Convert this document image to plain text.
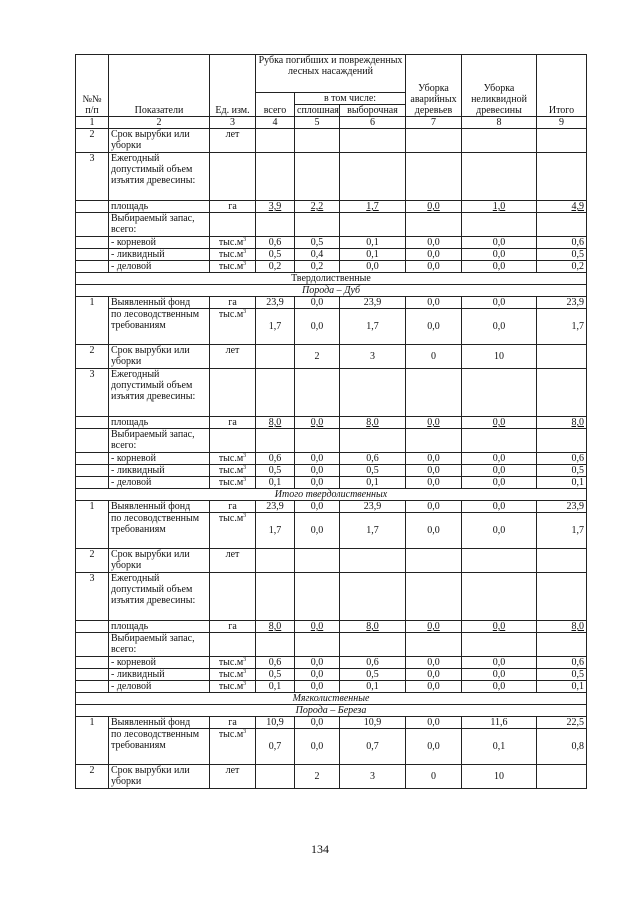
№№ п/п	Показатели	Ед. изм.	Рубка погибших и поврежденных лесных насаждений			Уборка аварийных деревьев	Уборка неликвидной древесины	Итого
			всего	в том числе:				
				сплошная	выборочная			
1	2	3	4	5	6	7	8	9
2	Срок вырубки или уборки	лет						
3	Ежегодный допустимый объем изъятия древесины:							
	площадь	га	3,9	2,2	1,7	0,0	1,0	4,9
	Выбираемый запас, всего:							
	- корневой	$тыс.м^3$	0,6	0,5	0,1	0,0	0,0	0,6
	- ликвидный	$тыс.м^3$	0,5	0,4	0,1	0,0	0,0	0,5
	- деловой	$тыс.м^3$	0,2	0,2	0,0	0,0	0,0	0,2
Твердолиственные								
Порода – Дуб								
1	Выявленный фонд	га	23,9	0,0	23,9	0,0	0,0	23,9
	по лесоводственным требованиям	$тыс.м^3$	1,7	0,0	1,7	0,0	0,0	1,7
2	Срок вырубки или уборки	лет		2	3	0	10	
3	Ежегодный допустимый объем изъятия древесины:							
	площадь	га	8,0	0,0	8,0	0,0	0,0	8,0
	Выбираемый запас, всего:							
	- корневой	$тыс.м^3$	0,6	0,0	0,6	0,0	0,0	0,6
	- ликвидный	$тыс.м^3$	0,5	0,0	0,5	0,0	0,0	0,5
	- деловой	$тыс.м^3$	0,1	0,0	0,1	0,0	0,0	0,1
Итого твердолиственных								
1	Выявленный фонд	га	23,9	0,0	23,9	0,0	0,0	23,9
	по лесоводственным требованиям	$тыс.м^3$	1,7	0,0	1,7	0,0	0,0	1,7
2	Срок вырубки или уборки	лет						
3	Ежегодный допустимый объем изъятия древесины:							
	площадь	га	8,0	0,0	8,0	0,0	0,0	8,0
	Выбираемый запас, всего:							
	- корневой	$тыс.м^3$	0,6	0,0	0,6	0,0	0,0	0,6
	- ликвидный	$тыс.м^3$	0,5	0,0	0,5	0,0	0,0	0,5
	- деловой	$тыс.м^3$	0,1	0,0	0,1	0,0	0,0	0,1
Мягколиственные								
Порода – Береза								
1	Выявленный фонд	га	10,9	0,0	10,9	0,0	11,6	22,5
	по лесоводственным требованиям	$тыс.м^3$	0,7	0,0	0,7	0,0	0,1	0,8
2	Срок вырубки или уборки	лет		2	3	0	10	
134
